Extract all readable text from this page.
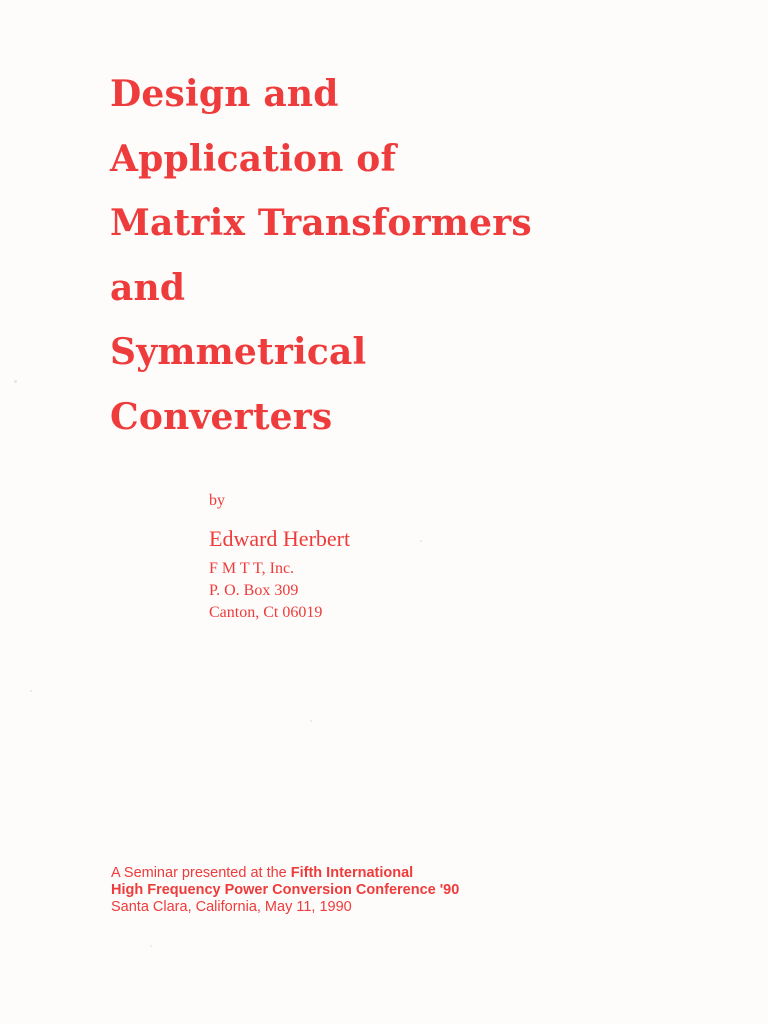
Design and
Application of
Matrix Transformers
and
Symmetrical
Converters

by

Edward Herbert

F M T T, Inc.

P. O. Box 309

Canton, Ct 06019

A Seminar presented at the Fifth International
High Frequency Power Conversion Conference '90
Santa Clara, California, May 11, 1990
